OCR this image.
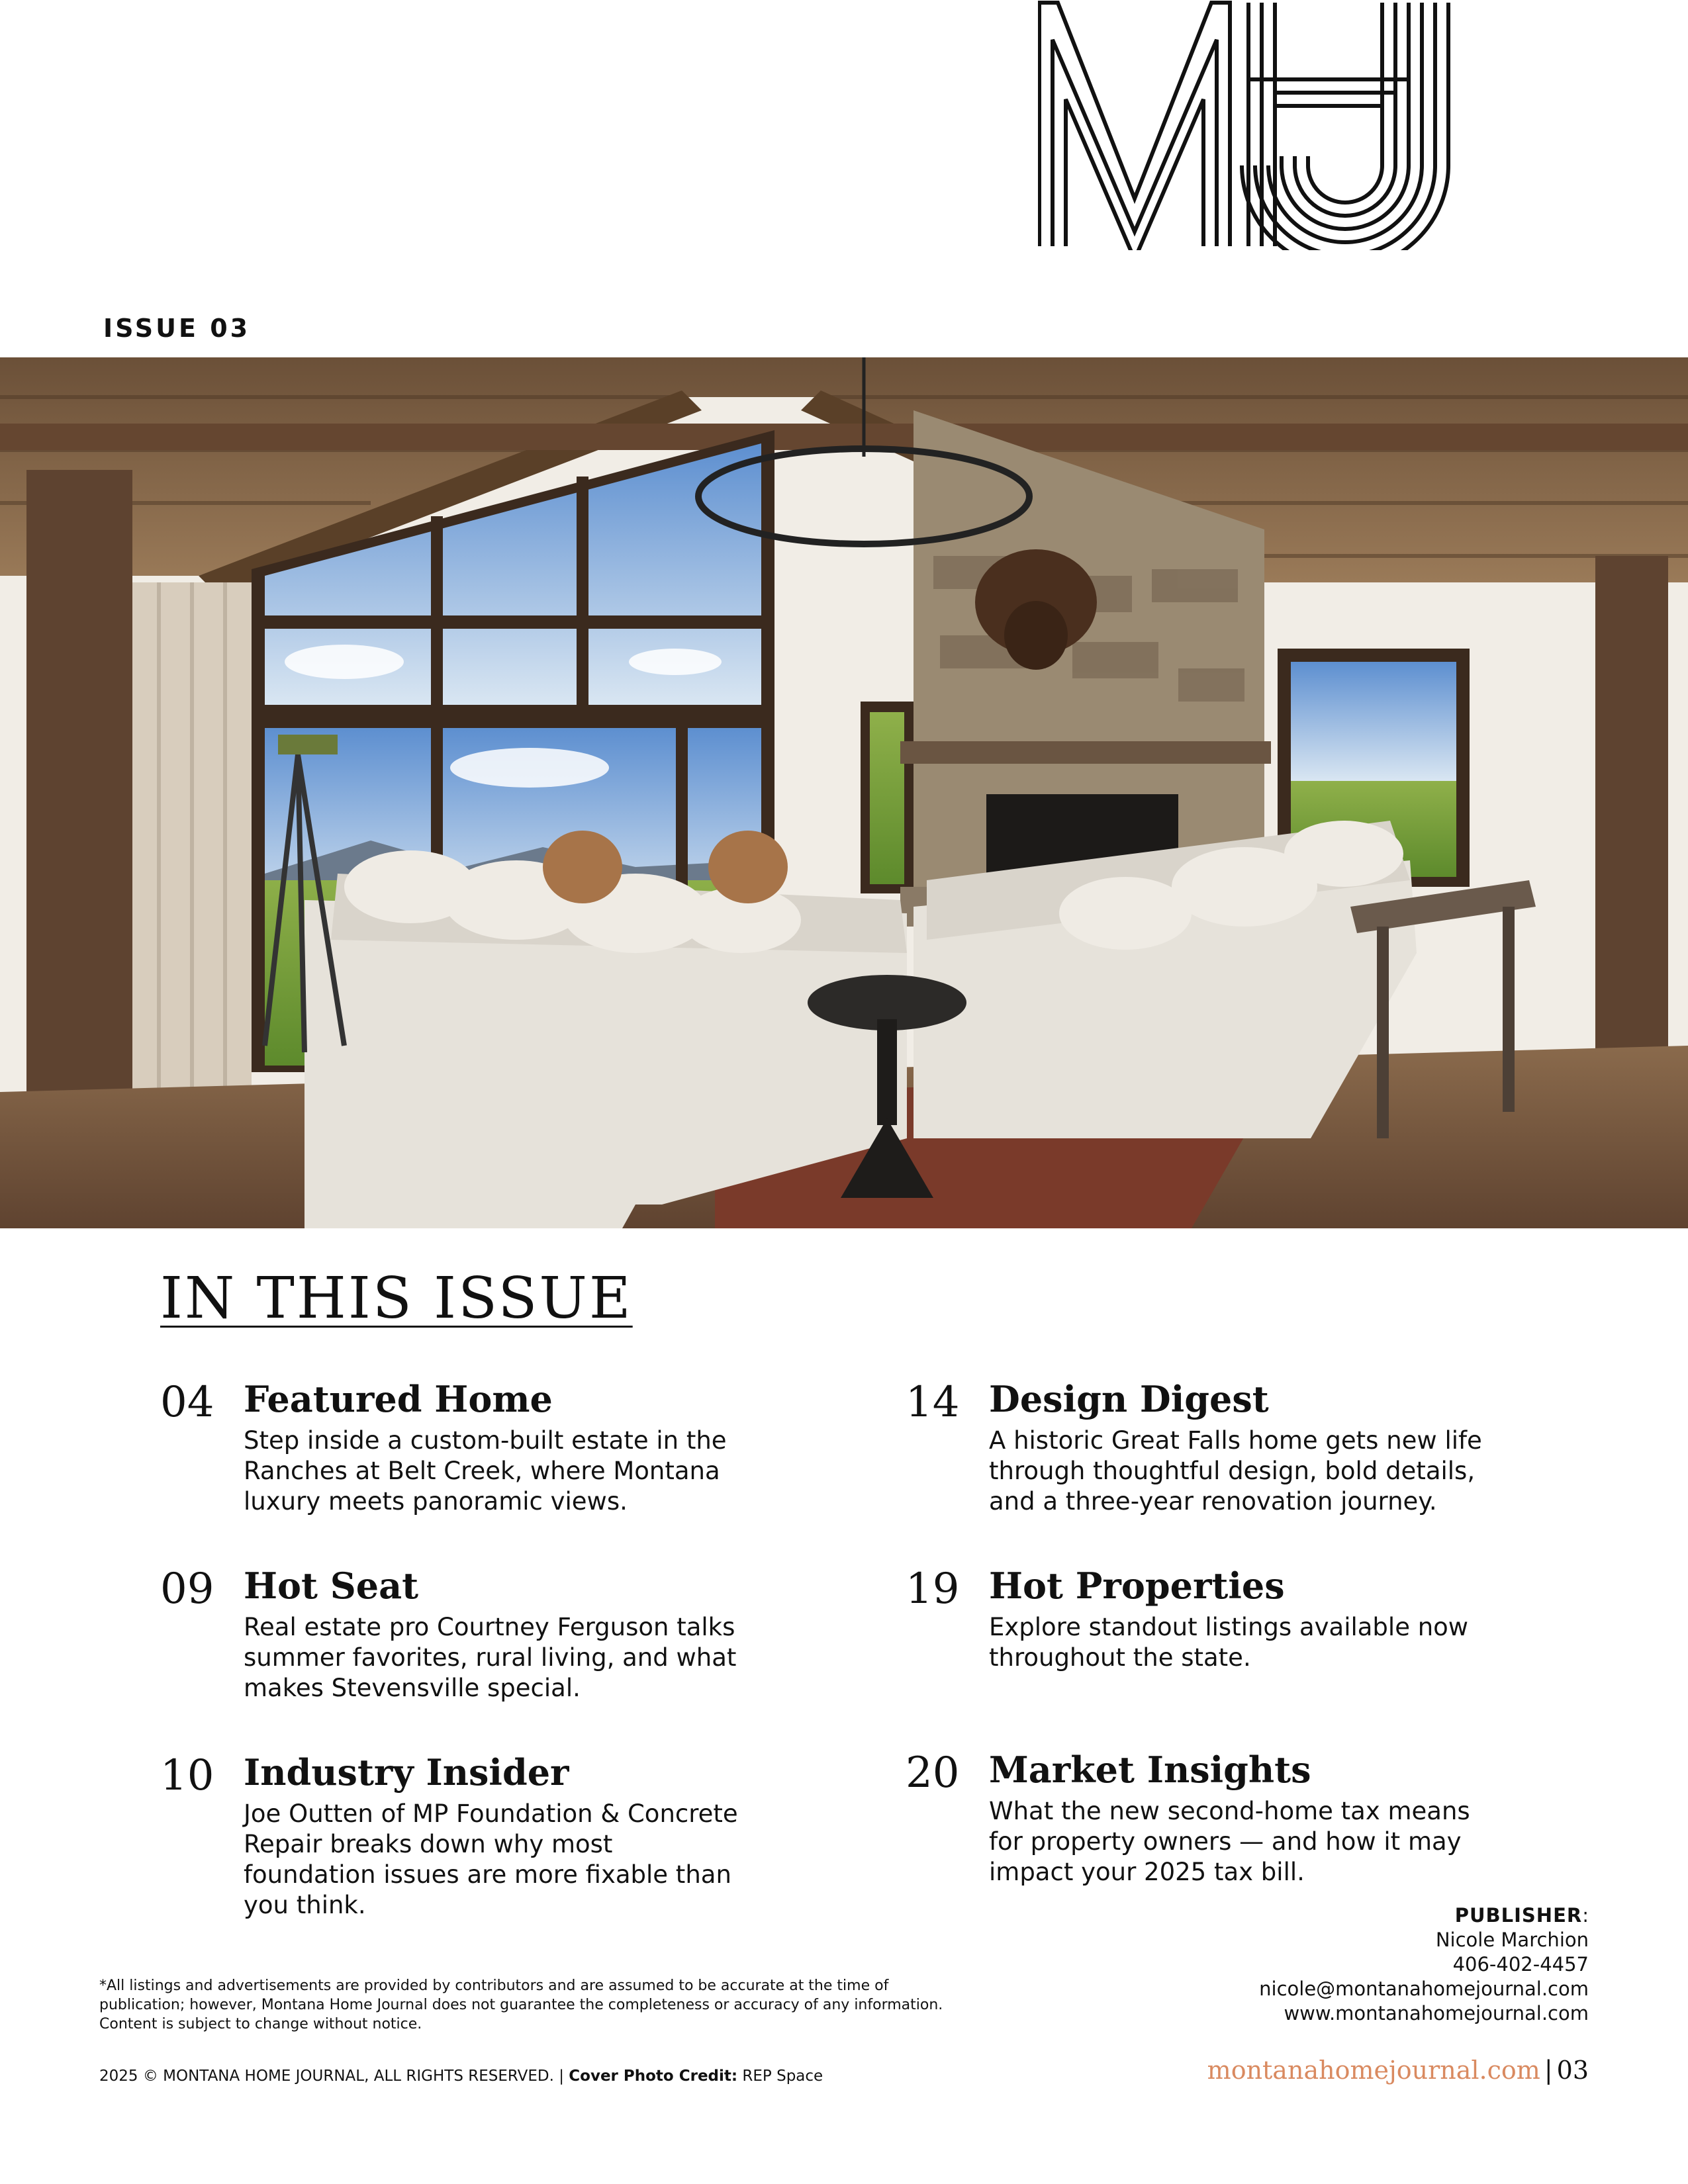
ISSUE 03
IN THIS ISSUE
04 Featured Home

Step inside a custom-built estate in the Ranches at Belt Creek, where Montana luxury meets panoramic views.

09 Hot Seat

Real estate pro Courtney Ferguson talks summer favorites, rural living, and what makes Stevensville special.

10 Industry Insider

Joe Outten of MP Foundation & Concrete Repair breaks down why most foundation issues are more fixable than you think.

14 Design Digest

A historic Great Falls home gets new life through thoughtful design, bold details, and a three-year renovation journey.

19 Hot Properties

Explore standout listings available now throughout the state.

20 Market Insights

What the new second-home tax means for property owners — and how it may impact your 2025 tax bill.

PUBLISHER:
Nicole Marchion
406-402-4457
nicole@montanahomejournal.com
www.montanahomejournal.com
*All listings and advertisements are provided by contributors and are assumed to be accurate at the time of publication; however, Montana Home Journal does not guarantee the completeness or accuracy of any information. Content is subject to change without notice.
2025 © MONTANA HOME JOURNAL, ALL RIGHTS RESERVED. | Cover Photo Credit: REP Space	montanahomejournal.com | 03
